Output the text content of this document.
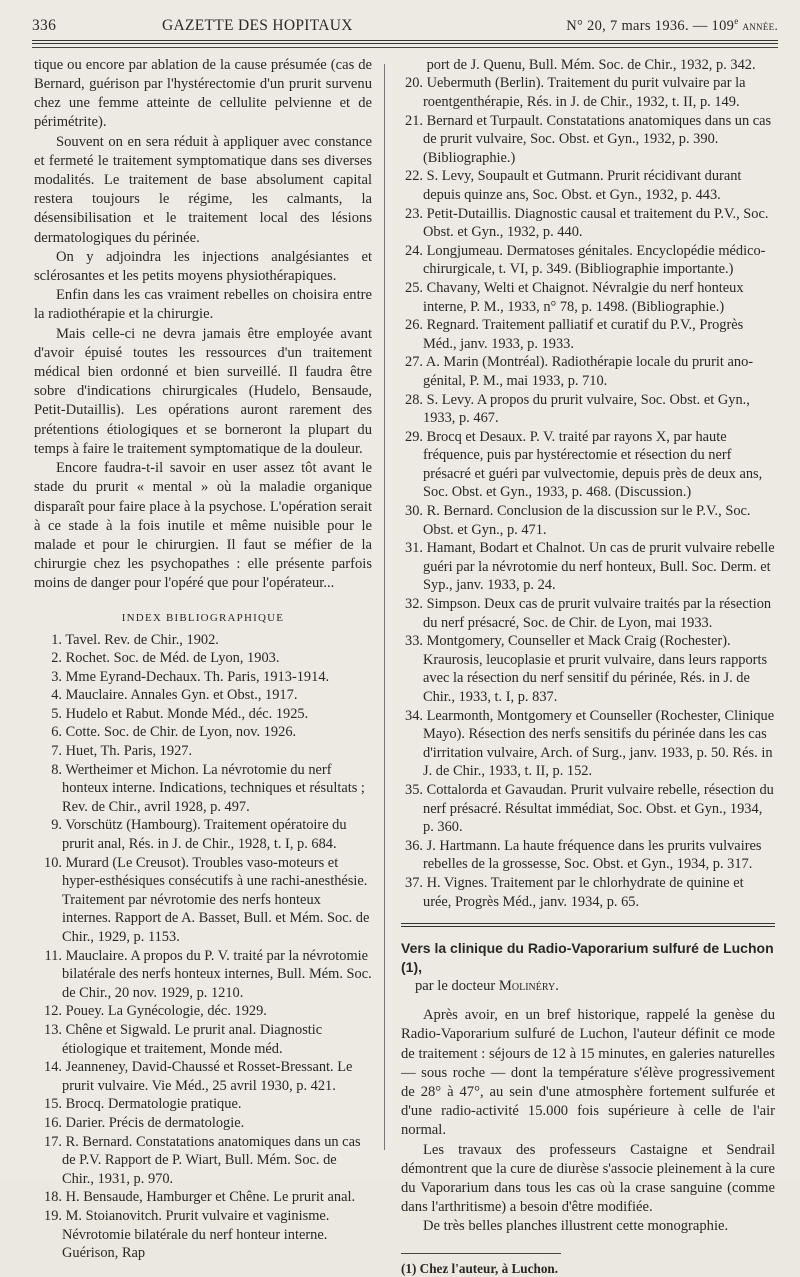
336	GAZETTE DES HOPITAUX	N° 20, 7 mars 1936. — 109e année.

tique ou encore par ablation de la cause présumée (cas de Bernard, guérison par l'hystérectomie d'un prurit survenu chez une femme atteinte de cellulite pelvienne et de périmétrite).

Souvent on en sera réduit à appliquer avec constance et fermeté le traitement symptomatique dans ses diverses modalités. Le traitement de base absolument capital restera toujours le régime, les calmants, la désensibilisation et le traitement local des lésions dermatologiques du périnée.

On y adjoindra les injections analgésiantes et sclérosantes et les petits moyens physiothérapiques.

Enfin dans les cas vraiment rebelles on choisira entre la radiothérapie et la chirurgie.

Mais celle-ci ne devra jamais être employée avant d'avoir épuisé toutes les ressources d'un traitement médical bien ordonné et bien surveillé. Il faudra être sobre d'indications chirurgicales (Hudelo, Bensaude, Petit-Dutaillis). Les opérations auront rarement des prétentions étiologiques et se borneront la plupart du temps à faire le traitement symptomatique de la douleur.

Encore faudra-t-il savoir en user assez tôt avant le stade du prurit « mental » où la maladie organique disparaît pour faire place à la psychose. L'opération serait à ce stade à la fois inutile et même nuisible pour le malade et pour le chirurgien. Il faut se méfier de la chirurgie chez les psychopathes : elle présente parfois moins de danger pour l'opéré que pour l'opérateur...

INDEX BIBLIOGRAPHIQUE
1. Tavel. Rev. de Chir., 1902.
2. Rochet. Soc. de Méd. de Lyon, 1903.
3. Mme Eyrand-Dechaux. Th. Paris, 1913-1914.
4. Mauclaire. Annales Gyn. et Obst., 1917.
5. Hudelo et Rabut. Monde Méd., déc. 1925.
6. Cotte. Soc. de Chir. de Lyon, nov. 1926.
7. Huet, Th. Paris, 1927.
8. Wertheimer et Michon. La névrotomie du nerf honteux interne. Indications, techniques et résultats ; Rev. de Chir., avril 1928, p. 497.
9. Vorschütz (Hambourg). Traitement opératoire du prurit anal, Rés. in J. de Chir., 1928, t. I, p. 684.
10. Murard (Le Creusot). Troubles vaso-moteurs et hyper-esthésiques consécutifs à une rachi-anesthésie. Traitement par névrotomie des nerfs honteux internes. Rapport de A. Basset, Bull. et Mém. Soc. de Chir., 1929, p. 1153.
11. Mauclaire. A propos du P. V. traité par la névrotomie bilatérale des nerfs honteux internes, Bull. Mém. Soc. de Chir., 20 nov. 1929, p. 1210.
12. Pouey. La Gynécologie, déc. 1929.
13. Chêne et Sigwald. Le prurit anal. Diagnostic étiologique et traitement, Monde méd.
14. Jeanneney, David-Chaussé et Rosset-Bressant. Le prurit vulvaire. Vie Méd., 25 avril 1930, p. 421.
15. Brocq. Dermatologie pratique.
16. Darier. Précis de dermatologie.
17. R. Bernard. Constatations anatomiques dans un cas de P.V. Rapport de P. Wiart, Bull. Mém. Soc. de Chir., 1931, p. 970.
18. H. Bensaude, Hamburger et Chêne. Le prurit anal.
19. M. Stoianovitch. Prurit vulvaire et vaginisme. Névrotomie bilatérale du nerf honteur interne. Guérison, Rap
port de J. Quenu, Bull. Mém. Soc. de Chir., 1932, p. 342.
20. Uebermuth (Berlin). Traitement du purit vulvaire par la roentgenthérapie, Rés. in J. de Chir., 1932, t. II, p. 149.
21. Bernard et Turpault. Constatations anatomiques dans un cas de prurit vulvaire, Soc. Obst. et Gyn., 1932, p. 390. (Bibliographie.)
22. S. Levy, Soupault et Gutmann. Prurit récidivant durant depuis quinze ans, Soc. Obst. et Gyn., 1932, p. 443.
23. Petit-Dutaillis. Diagnostic causal et traitement du P.V., Soc. Obst. et Gyn., 1932, p. 440.
24. Longjumeau. Dermatoses génitales. Encyclopédie médico-chirurgicale, t. VI, p. 349. (Bibliographie importante.)
25. Chavany, Welti et Chaignot. Névralgie du nerf honteux interne, P. M., 1933, n° 78, p. 1498. (Bibliographie.)
26. Regnard. Traitement palliatif et curatif du P.V., Progrès Méd., janv. 1933, p. 1933.
27. A. Marin (Montréal). Radiothérapie locale du prurit ano-génital, P. M., mai 1933, p. 710.
28. S. Levy. A propos du prurit vulvaire, Soc. Obst. et Gyn., 1933, p. 467.
29. Brocq et Desaux. P. V. traité par rayons X, par haute fréquence, puis par hystérectomie et résection du nerf présacré et guéri par vulvectomie, depuis près de deux ans, Soc. Obst. et Gyn., 1933, p. 468. (Discussion.)
30. R. Bernard. Conclusion de la discussion sur le P.V., Soc. Obst. et Gyn., p. 471.
31. Hamant, Bodart et Chalnot. Un cas de prurit vulvaire rebelle guéri par la névrotomie du nerf honteux, Bull. Soc. Derm. et Syp., janv. 1933, p. 24.
32. Simpson. Deux cas de prurit vulvaire traités par la résection du nerf présacré, Soc. de Chir. de Lyon, mai 1933.
33. Montgomery, Counseller et Mack Craig (Rochester). Kraurosis, leucoplasie et prurit vulvaire, dans leurs rapports avec la résection du nerf sensitif du périnée, Rés. in J. de Chir., 1933, t. I, p. 837.
34. Learmonth, Montgomery et Counseller (Rochester, Clinique Mayo). Résection des nerfs sensitifs du périnée dans les cas d'irritation vulvaire, Arch. of Surg., janv. 1933, p. 50. Rés. in J. de Chir., 1933, t. II, p. 152.
35. Cottalorda et Gavaudan. Prurit vulvaire rebelle, résection du nerf présacré. Résultat immédiat, Soc. Obst. et Gyn., 1934, p. 360.
36. J. Hartmann. La haute fréquence dans les prurits vulvaires rebelles de la grossesse, Soc. Obst. et Gyn., 1934, p. 317.
37. H. Vignes. Traitement par le chlorhydrate de quinine et urée, Progrès Méd., janv. 1934, p. 65.
Vers la clinique du Radio-Vaporarium sulfuré de Luchon (1),
par le docteur Molinéry.

Après avoir, en un bref historique, rappelé la genèse du Radio-Vaporarium sulfuré de Luchon, l'auteur définit ce mode de traitement : séjours de 12 à 15 minutes, en galeries naturelles — sous roche — dont la température s'élève progressivement de 28° à 47°, au sein d'une atmosphère fortement sulfurée et d'une radio-activité 15.000 fois supérieure à celle de l'air normal.

Les travaux des professeurs Castaigne et Sendrail démontrent que la cure de diurèse s'associe pleinement à la cure du Vaporarium dans tous les cas où la crase sanguine (comme dans l'arthritisme) a besoin d'être modifiée.

De très belles planches illustrent cette monographie.

(1) Chez l'auteur, à Luchon.
